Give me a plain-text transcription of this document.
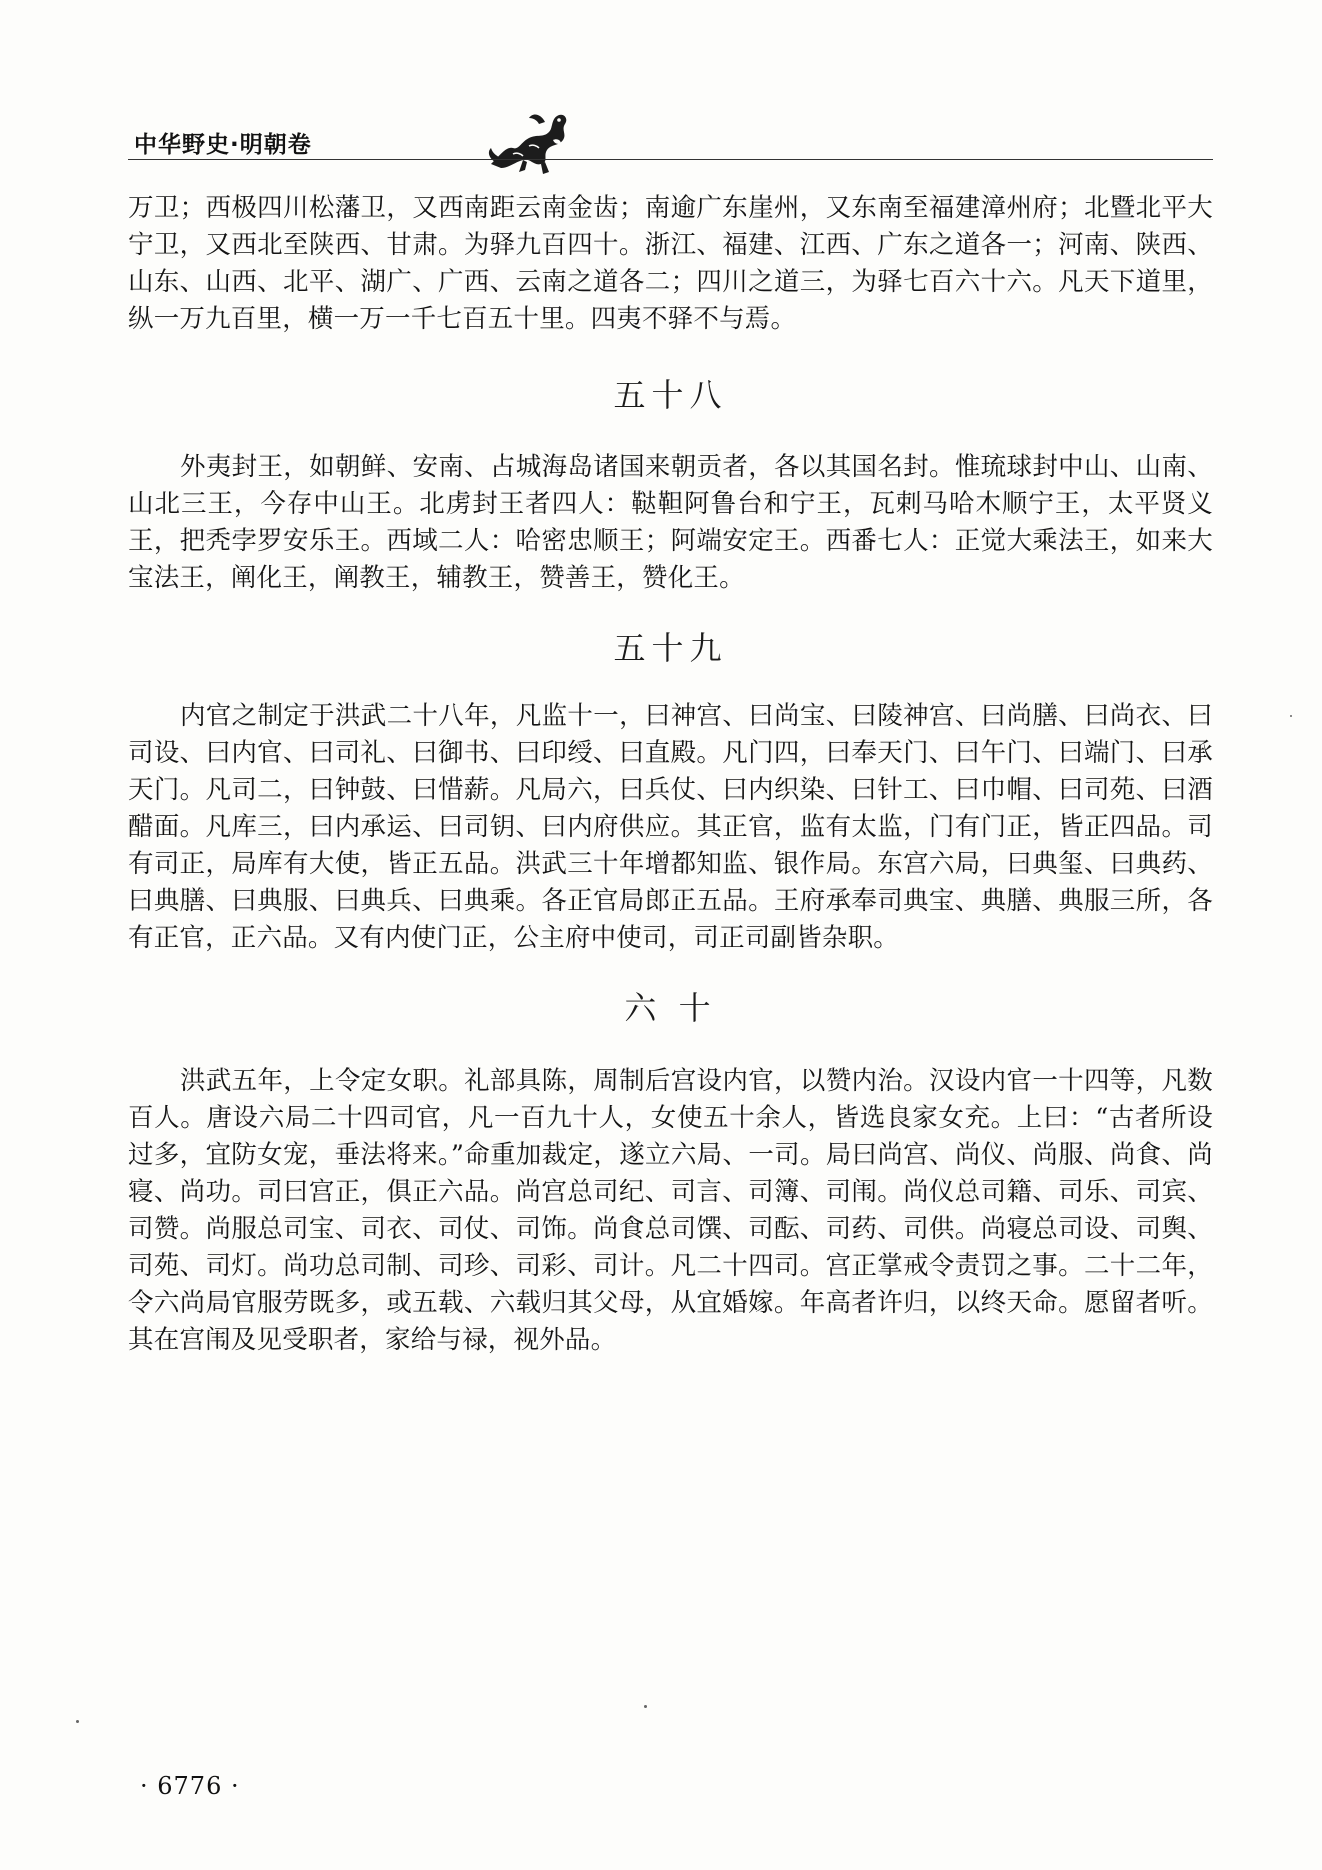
中华野史·明朝卷

万卫；西极四川松藩卫，又西南距云南金齿；南逾广东崖州，又东南至福建漳州府；北暨北平大宁卫，又西北至陕西、甘肃。为驿九百四十。浙江、福建、江西、广东之道各一；河南、陕西、山东、山西、北平、湖广、广西、云南之道各二；四川之道三，为驿七百六十六。凡天下道里，纵一万九百里，横一万一千七百五十里。四夷不驿不与焉。

五十八

外夷封王，如朝鲜、安南、占城海岛诸国来朝贡者，各以其国名封。惟琉球封中山、山南、山北三王，今存中山王。北虏封王者四人：鞑靼阿鲁台和宁王，瓦剌马哈木顺宁王，太平贤义王，把秃孛罗安乐王。西域二人：哈密忠顺王；阿端安定王。西番七人：正觉大乘法王，如来大宝法王，阐化王，阐教王，辅教王，赞善王，赞化王。

五十九

内官之制定于洪武二十八年，凡监十一，曰神宫、曰尚宝、曰陵神宫、曰尚膳、曰尚衣、曰司设、曰内官、曰司礼、曰御书、曰印绶、曰直殿。凡门四，曰奉天门、曰午门、曰端门、曰承天门。凡司二，曰钟鼓、曰惜薪。凡局六，曰兵仗、曰内织染、曰针工、曰巾帽、曰司苑、曰酒醋面。凡库三，曰内承运、曰司钥、曰内府供应。其正官，监有太监，门有门正，皆正四品。司有司正，局库有大使，皆正五品。洪武三十年增都知监、银作局。东宫六局，曰典玺、曰典药、曰典膳、曰典服、曰典兵、曰典乘。各正官局郎正五品。王府承奉司典宝、典膳、典服三所，各有正官，正六品。又有内使门正，公主府中使司，司正司副皆杂职。

六 十

洪武五年，上令定女职。礼部具陈，周制后宫设内官，以赞内治。汉设内官一十四等，凡数百人。唐设六局二十四司官，凡一百九十人，女使五十余人，皆选良家女充。上曰：“古者所设过多，宜防女宠，垂法将来。”命重加裁定，遂立六局、一司。局曰尚宫、尚仪、尚服、尚食、尚寝、尚功。司曰宫正，俱正六品。尚宫总司纪、司言、司簿、司闱。尚仪总司籍、司乐、司宾、司赞。尚服总司宝、司衣、司仗、司饰。尚食总司馔、司酝、司药、司供。尚寝总司设、司舆、司苑、司灯。尚功总司制、司珍、司彩、司计。凡二十四司。宫正掌戒令责罚之事。二十二年，令六尚局官服劳既多，或五载、六载归其父母，从宜婚嫁。年高者许归，以终天命。愿留者听。其在宫闱及见受职者，家给与禄，视外品。

· 6776 ·
